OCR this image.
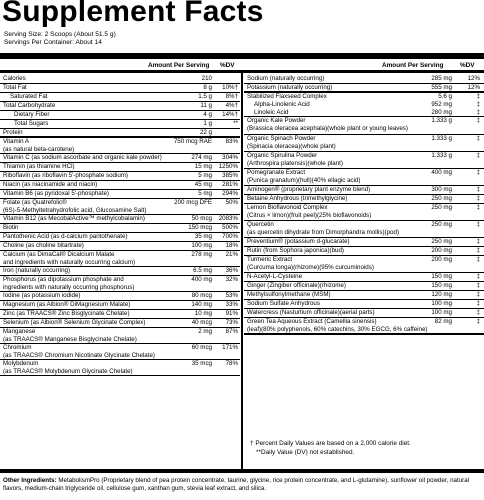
Supplement Facts
Serving Size: 2 Scoops (About 51.5 g)
Servings Per Container: About 14
Amount Per Serving %DV	Amount Per Serving	%DV
Calories	210
Total Fat	8 g 10%†
Saturated Fat	1.5 g 8%†
Total Carbohydrate	11 g 4%†
Dietary Fiber	4 g 14%†
Total Sugars	1 g	**
Protein	22 g
Vitamin A
(as natural beta-carotene)
750 mcg RAE 83%
Vitamin C (as sodium ascorbate and organic kale powder)	274 mg 304%
Thiamin (as thiamine HCl)	15 mg 1250%
Riboflavin (as riboflavin 5'-phosphate sodium)	5 mg 385%
Niacin (as niacinamide and niacin)	45 mg 281%
Vitamin B6 (as pyridoxal 5'-phosphate)	5 mg 294%
Folate (as Quatrefolic®
(6S)-5-Methyltetrahydrofolic acid, Glucosamine Salt)
200 mcg DFE 50%
Vitamin B12 (as MecobalActive™ methylcobalamin)	50 mcg 2083%
Biotin	150 mcg 500%
Pantothenic Acid (as d-calcium pantothenate)	35 mg 700%
Choline (as choline bitartrate)	100 mg 18%
Calcium (as DimaCal® Dicalcium Malate
and ingredients with naturally occurring calcium)
278 mg 21%
Iron (naturally occurring)	6.5 mg 36%
Phosphorus (as dipotassium phosphate and
ingredients with naturally occurring phosphorus)
400 mg 32%
Iodine (as potassium iodide)	80 mcg 53%
Magnesium (as Albion® DiMagnesium Malate)	140 mg 33%
Zinc (as TRAACS® Zinc Bisglycinate Chelate)	10 mg 91%
Selenium (as Albion® Selenium Glycinate Complex)	40 mcg 73%
Manganese
(as TRAACS® Manganese Bisglycinate Chelate)
2 mg 87%
Chromium
(as TRAACS® Chromium Nicotinate Glycinate Chelate)
60 mcg 171%
Molybdenum
(as TRAACS® Molybdenum Glycinate Chelate)
35 mcg 78%
Sodium (naturally occurring)	285 mg	12%
Potassium (naturally occurring)	555 mg	12%
Stabilized Flaxseed Complex	5.6 g	‡
Alpha-Linolenic Acid	952 mg	‡
Linoleic Acid	280 mg	‡
Organic Kale Powder
(Brassica oleracea acephala)(whole plant or young leaves)
1.333 g	‡
Organic Spinach Powder
(Spinacia oleracea)(whole plant)
1.333 g	‡
Organic Spirulina Powder
(Arthrospira platensis)(whole plant)
1.333 g	‡
Pomegranate Extract
(Punica granatum)(hull)(40% ellagic acid)
400 mg	‡
Aminogen® (proprietary plant enzyme blend)	300 mg	‡
Betaine Anhydrous (trimethylglycine)	250 mg	‡
Lemon Bioflavonoid Complex
(Citrus × limon)(fruit peel)(25% bioflavonoids)
250 mg	‡
Quercetin
(as quercetin dihydrate from Dimorphandra mollis)(pod)
250 mg	‡
Preventium® (potassium d-glucarate)	250 mg	‡
Rutin (from Sophora japonica)(bud)	200 mg	‡
Turmeric Extract
(Curcuma longa)(rhizome)(95% curcuminoids)
200 mg	‡
N-Acetyl-L-Cysteine	150 mg	‡
Ginger (Zingiber officinale)(rhizome)	150 mg	‡
Methylsulfonylmethane (MSM)	120 mg	‡
Sodium Sulfate Anhydrous	100 mg	‡
Watercress (Nasturtium officinale)(aerial parts)	100 mg	‡
Green Tea Aqueous Extract (Camellia sinensis)
(leaf)(80% polyphenols, 60% catechins, 30% EGCG, 6% caffeine)
82 mg	‡
† Percent Daily Values are based on a 2,000 calorie diet.
**Daily Value (DV) not established.
Other Ingredients: MetabolismPro (Proprietary blend of pea protein concentrate, taurine, glycine, rice protein concentrate, and L-glutamine), sunflower oil powder, natural flavors, medium-chain triglyceride oil, cellulose gum, xanthan gum, stevia leaf extract, and silica.
